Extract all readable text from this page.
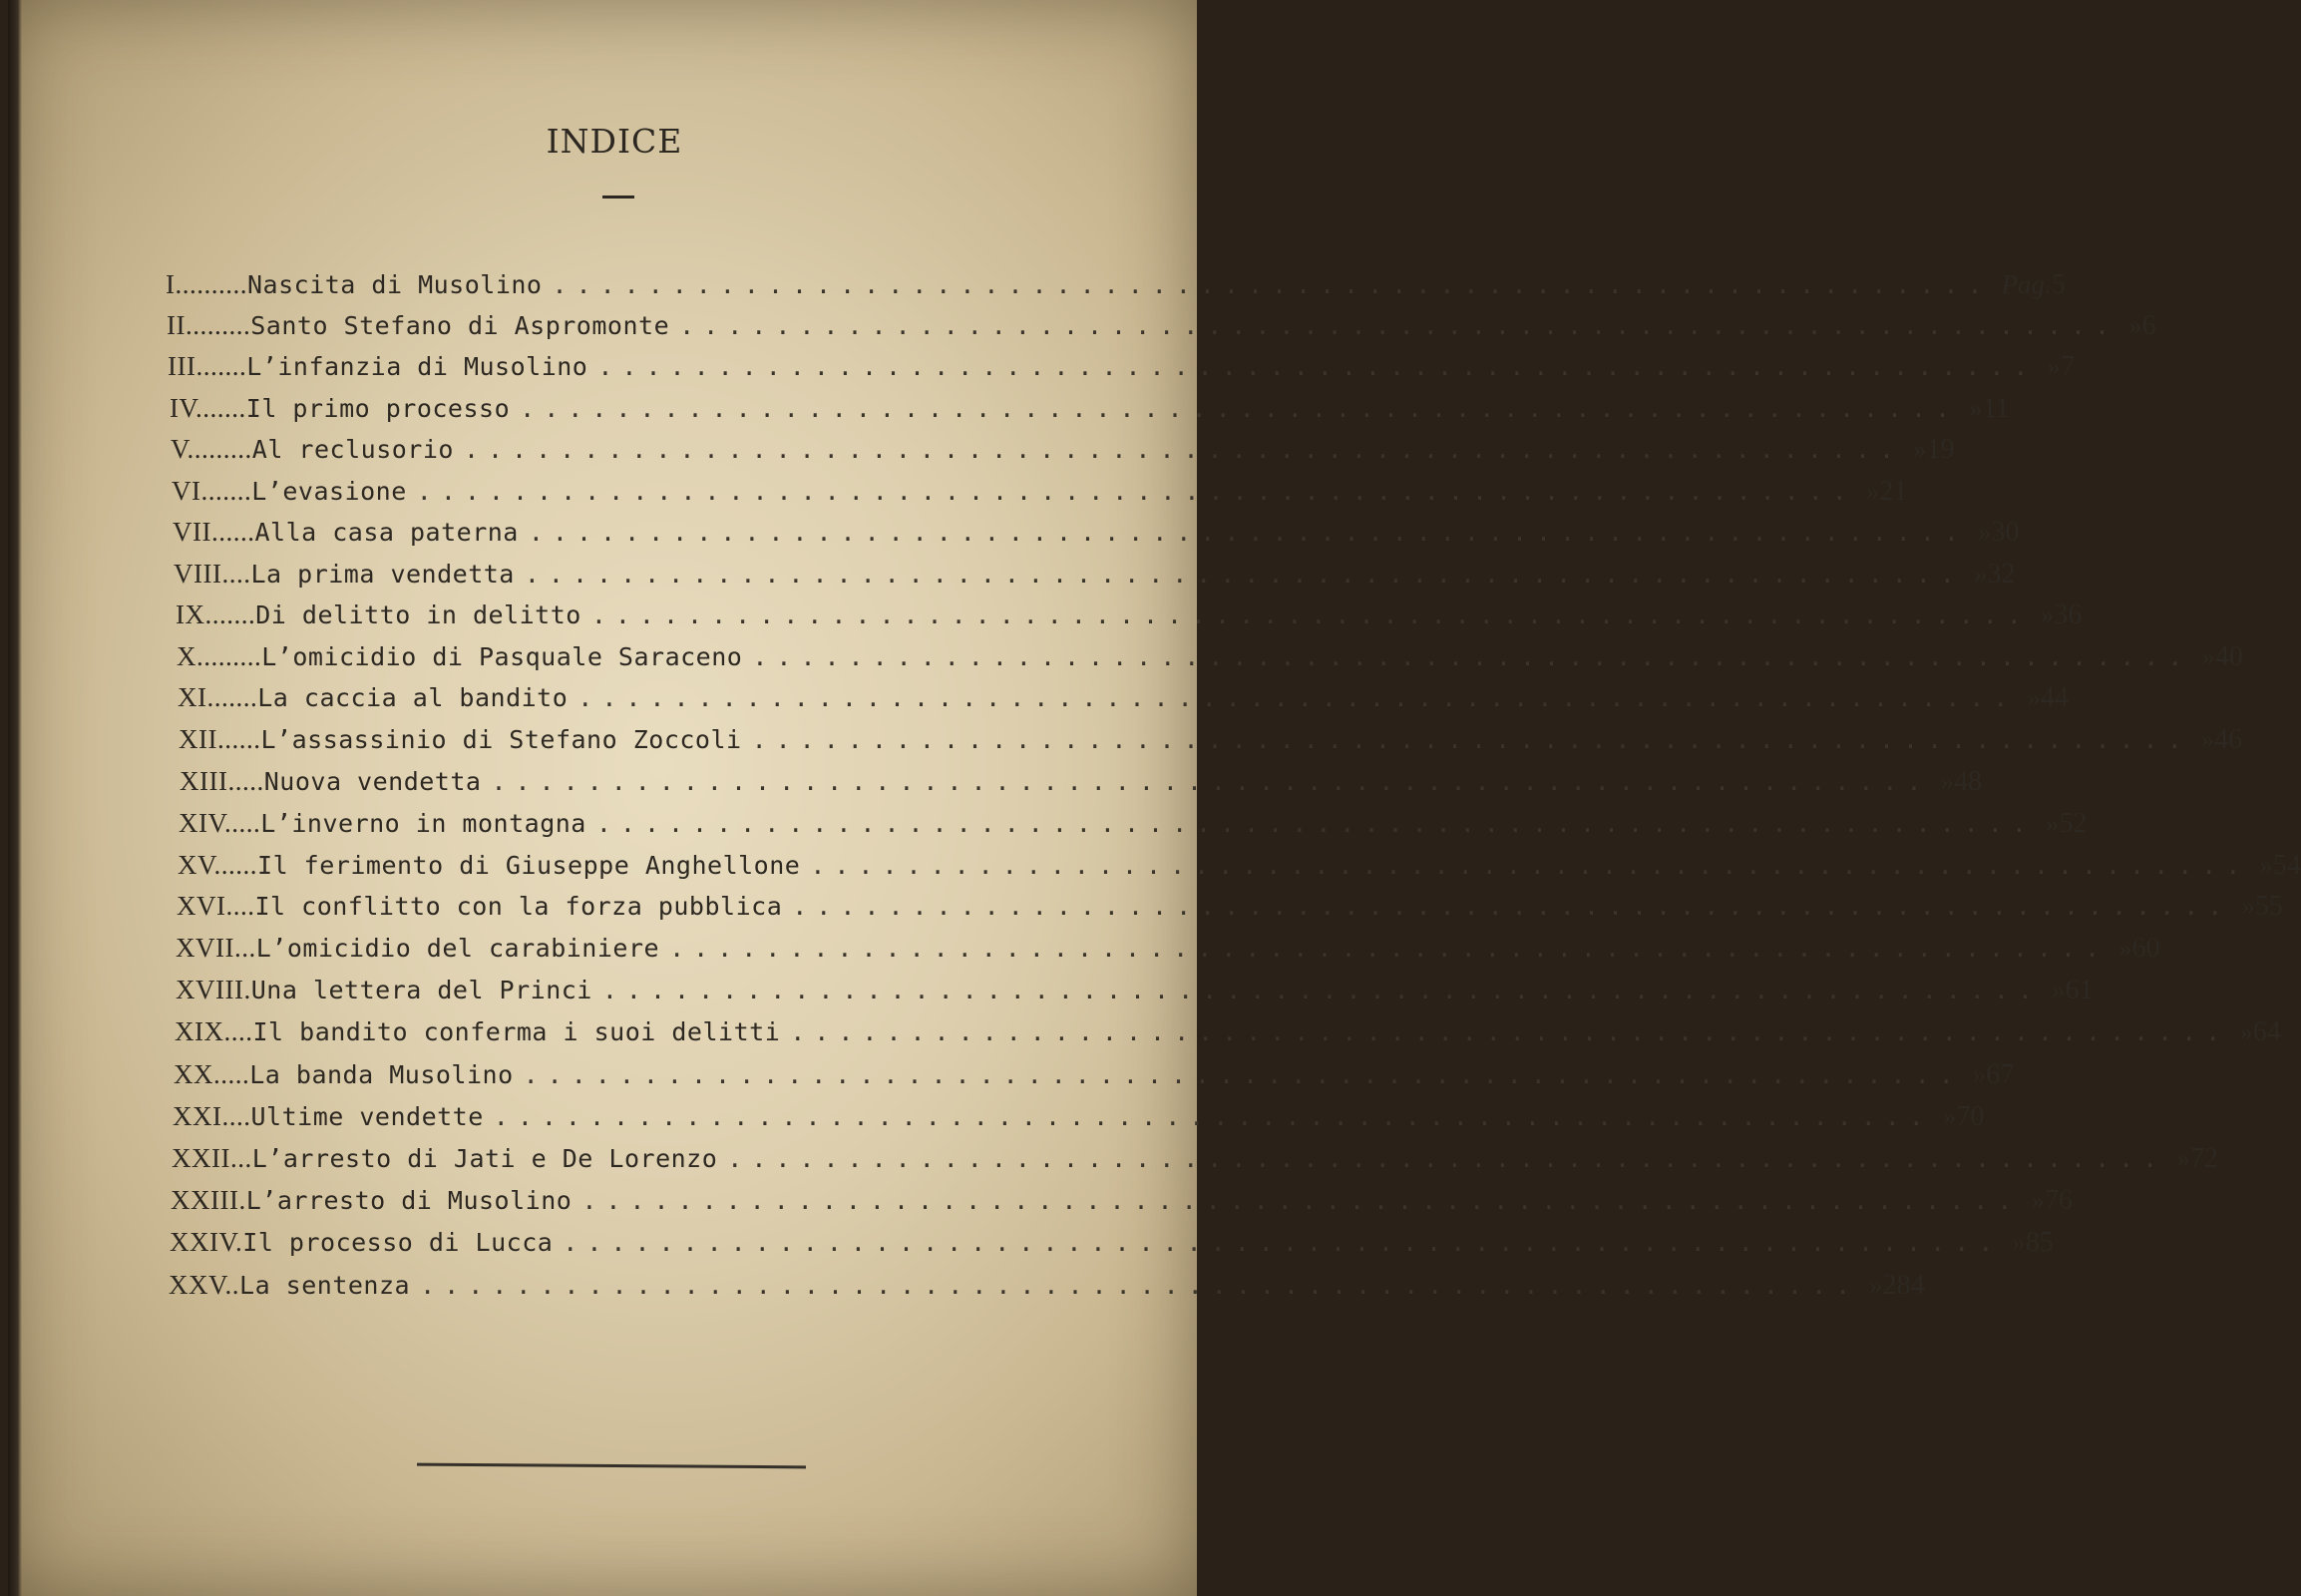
INDICE
I.......... Nascita di Musolino ............................................................ Pag. 5
II......... Santo Stefano di Aspromonte ............................................................ » 6
III....... L’infanzia di Musolino ............................................................ » 7
IV....... Il primo processo ............................................................ » 11
V......... Al reclusorio ............................................................ » 19
VI....... L’evasione ............................................................ » 21
VII...... Alla casa paterna ............................................................ » 30
VIII.... La prima vendetta ............................................................ » 32
IX....... Di delitto in delitto ............................................................ » 36
X......... L’omicidio di Pasquale Saraceno ............................................................ » 40
XI....... La caccia al bandito ............................................................ » 44
XII...... L’assassinio di Stefano Zoccoli ............................................................ » 46
XIII..... Nuova vendetta ............................................................ » 48
XIV..... L’inverno in montagna ............................................................ » 52
XV...... Il ferimento di Giuseppe Anghellone ............................................................ » 54
XVI.... Il conflitto con la forza pubblica ............................................................ » 55
XVII... L’omicidio del carabiniere ............................................................ » 60
XVIII. Una lettera del Princi ............................................................ » 61
XIX.... Il bandito conferma i suoi delitti ............................................................ » 64
XX..... La banda Musolino ............................................................ » 67
XXI.... Ultime vendette ............................................................ » 70
XXII... L’arresto di Jati e De Lorenzo ............................................................ » 72
XXIII. L’arresto di Musolino ............................................................ » 76
XXIV. Il processo di Lucca ............................................................ » 85
XXV.. La sentenza ............................................................ » 284
